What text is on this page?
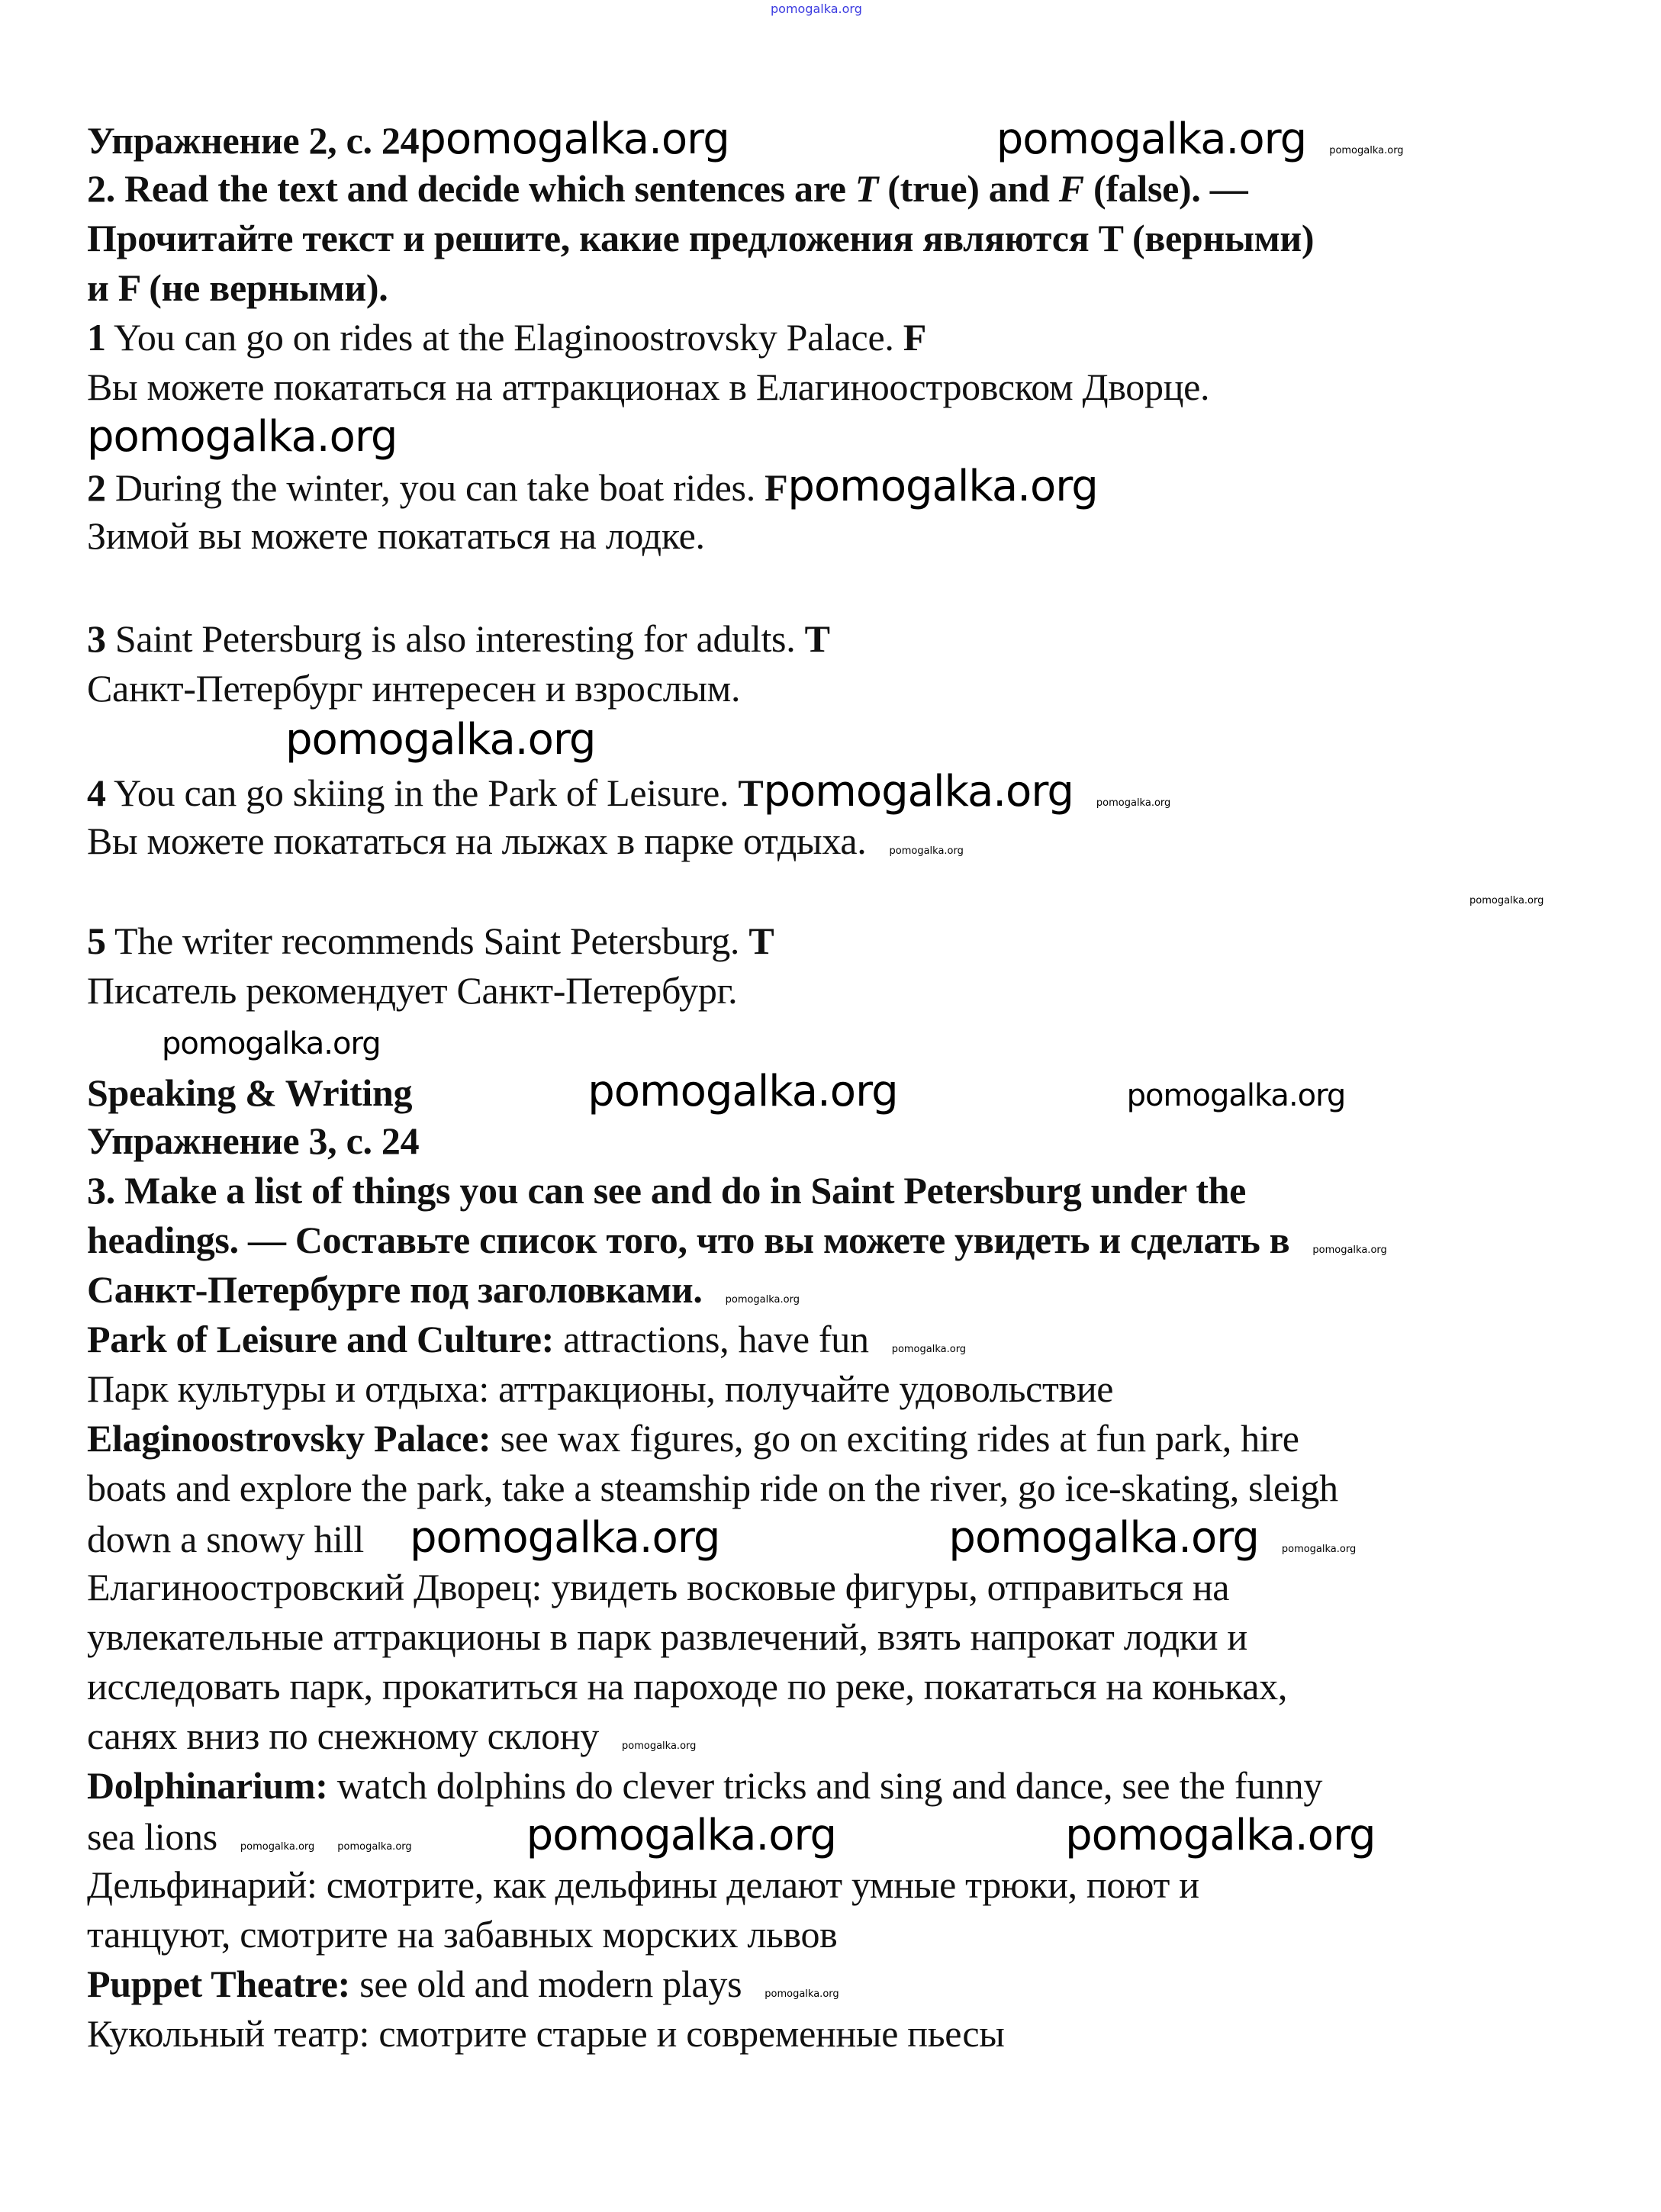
pomogalka.org
Упражнение 2, с. 24pomogalka.org	pomogalka.org pomogalka.org
2. Read the text and decide which sentences are T (true) and F (false). —
Прочитайте текст и решите, какие предложения являются T (верными)
и F (не верными).
1 You can go on rides at the Elaginoostrovsky Palace. F
Вы можете покататься на аттракционах в Елагиноостровском Дворце.
pomogalka.org
2 During the winter, you can take boat rides. Fpomogalka.org
Зимой вы можете покататься на лодке.
3 Saint Petersburg is also interesting for adults. T
Санкт-Петербург интересен и взрослым.
pomogalka.org
4 You can go skiing in the Park of Leisure. Tpomogalka.org pomogalka.org
Вы можете покататься на лыжах в парке отдыха. pomogalka.org
pomogalka.org
5 The writer recommends Saint Petersburg. T
Писатель рекомендует Санкт-Петербург.
pomogalka.org
Speaking & Writing	pomogalka.org	pomogalka.org
Упражнение 3, с. 24
3. Make a list of things you can see and do in Saint Petersburg under the
headings. — Составьте список того, что вы можете увидеть и сделать в pomogalka.org
Санкт-Петербурге под заголовками. pomogalka.org
Park of Leisure and Culture: attractions, have fun pomogalka.org
Парк культуры и отдыха: аттракционы, получайте удовольствие
Elaginoostrovsky Palace: see wax figures, go on exciting rides at fun park, hire
boats and explore the park, take a steamship ride on the river, go ice-skating, sleigh
down a snowy hill pomogalka.org	pomogalka.org pomogalka.org
Елагиноостровский Дворец: увидеть восковые фигуры, отправиться на
увлекательные аттракционы в парк развлечений, взять напрокат лодки и
исследовать парк, прокатиться на пароходе по реке, покататься на коньках,
санях вниз по снежному склону pomogalka.org
Dolphinarium: watch dolphins do clever tricks and sing and dance, see the funny
sea lions pomogalka.org pomogalka.org	pomogalka.org	pomogalka.org
Дельфинарий: смотрите, как дельфины делают умные трюки, поют и
танцуют, смотрите на забавных морских львов
Puppet Theatre: see old and modern plays pomogalka.org
Кукольный театр: смотрите старые и современные пьесы
